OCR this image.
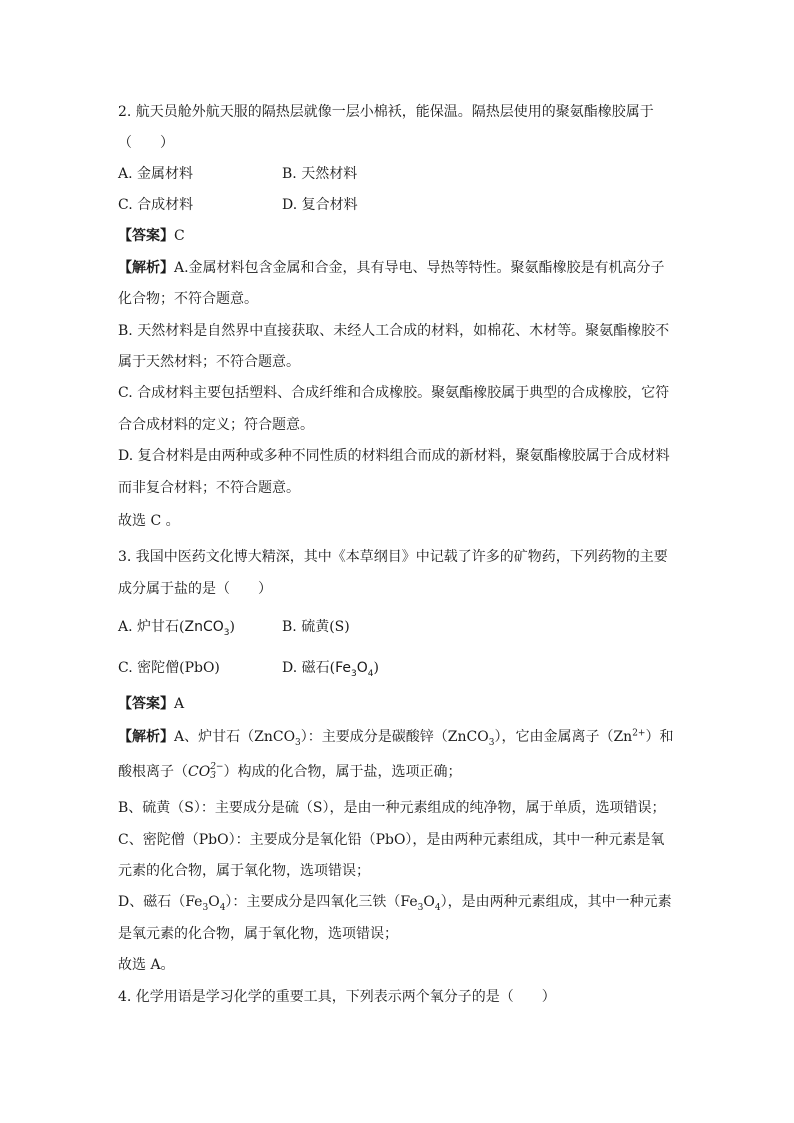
2. 航天员舱外航天服的隔热层就像一层小棉袄，能保温。隔热层使用的聚氨酯橡胶属于
（　　）
A. 金属材料	B. 天然材料
C. 合成材料	D. 复合材料
【答案】C
【解析】A.金属材料包含金属和合金，具有导电、导热等特性。聚氨酯橡胶是有机高分子
化合物；不符合题意。
B. 天然材料是自然界中直接获取、未经人工合成的材料，如棉花、木材等。聚氨酯橡胶不
属于天然材料；不符合题意。
C. 合成材料主要包括塑料、合成纤维和合成橡胶。聚氨酯橡胶属于典型的合成橡胶，它符
合合成材料的定义；符合题意。
D. 复合材料是由两种或多种不同性质的材料组合而成的新材料，聚氨酯橡胶属于合成材料
而非复合材料；不符合题意。
故选 C 。
3. 我国中医药文化博大精深，其中《本草纲目》中记载了许多的矿物药，下列药物的主要
成分属于盐的是（　　）
A. 炉甘石(ZnCO$_3$)	B. 硫黄(S)
C. 密陀僧(PbO)	D. 磁石$(Fe_3O_4)$
【答案】A
【解析】A、炉甘石（ZnCO$_3$）：主要成分是碳酸锌（ZnCO$_3$），它由金属离子$(Zn^{2+})$和
酸根离子（CO 2−
3 ）构成的化合物，属于盐，选项正确；
B、硫黄（S）：主要成分是硫（S），是由一种元素组成的纯净物，属于单质，选项错误；
C、密陀僧（PbO）：主要成分是氧化铅（PbO），是由两种元素组成，其中一种元素是氧
元素的化合物，属于氧化物，选项错误；
D、磁石$(Fe_3O_4)$：主要成分是四氧化三铁$(Fe_3O_4)$，是由两种元素组成，其中一种元素
是氧元素的化合物，属于氧化物，选项错误；
故选 A。
4. 化学用语是学习化学的重要工具，下列表示两个氧分子的是（　　）
